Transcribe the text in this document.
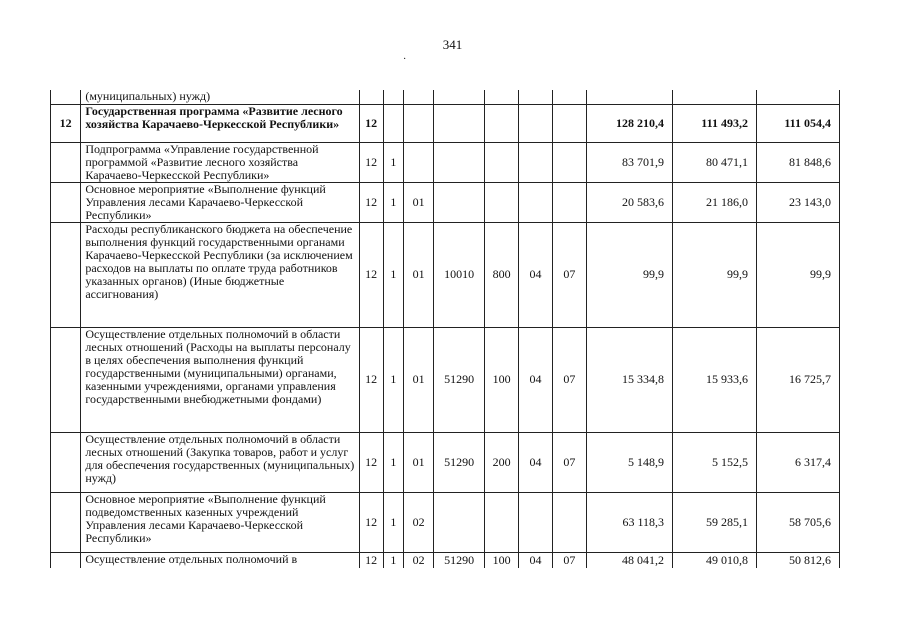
341
·
	(муниципальных) нужд)										
12	Государственная программа «Развитие лесного хозяйства Карачаево-Черкесской Республики»	12							128 210,4	111 493,2	111 054,4
	Подпрограмма «Управление государственной программой «Развитие лесного хозяйства Карачаево-Черкесской Республики»	12	1						83 701,9	80 471,1	81 848,6
	Основное мероприятие «Выполнение функций Управления лесами Карачаево-Черкесской Республики»	12	1	01					20 583,6	21 186,0	23 143,0
	Расходы республиканского бюджета на обеспечение выполнения функций государственными органами Карачаево-Черкесской Республики (за исключением расходов на выплаты по оплате труда работников указанных органов) (Иные бюджетные ассигнования)	12	1	01	10010	800	04	07	99,9	99,9	99,9
	Осуществление отдельных полномочий в области лесных отношений (Расходы на выплаты персоналу в целях обеспечения выполнения функций государственными (муниципальными) органами, казенными учреждениями, органами управления государственными внебюджетными фондами)	12	1	01	51290	100	04	07	15 334,8	15 933,6	16 725,7
	Осуществление отдельных полномочий в области лесных отношений (Закупка товаров, работ и услуг для обеспечения государственных (муниципальных) нужд)	12	1	01	51290	200	04	07	5 148,9	5 152,5	6 317,4
	Основное мероприятие «Выполнение функций подведомственных казенных учреждений Управления лесами Карачаево-Черкесской Республики»	12	1	02					63 118,3	59 285,1	58 705,6
	Осуществление отдельных полномочий в	12	1	02	51290	100	04	07	48 041,2	49 010,8	50 812,6
